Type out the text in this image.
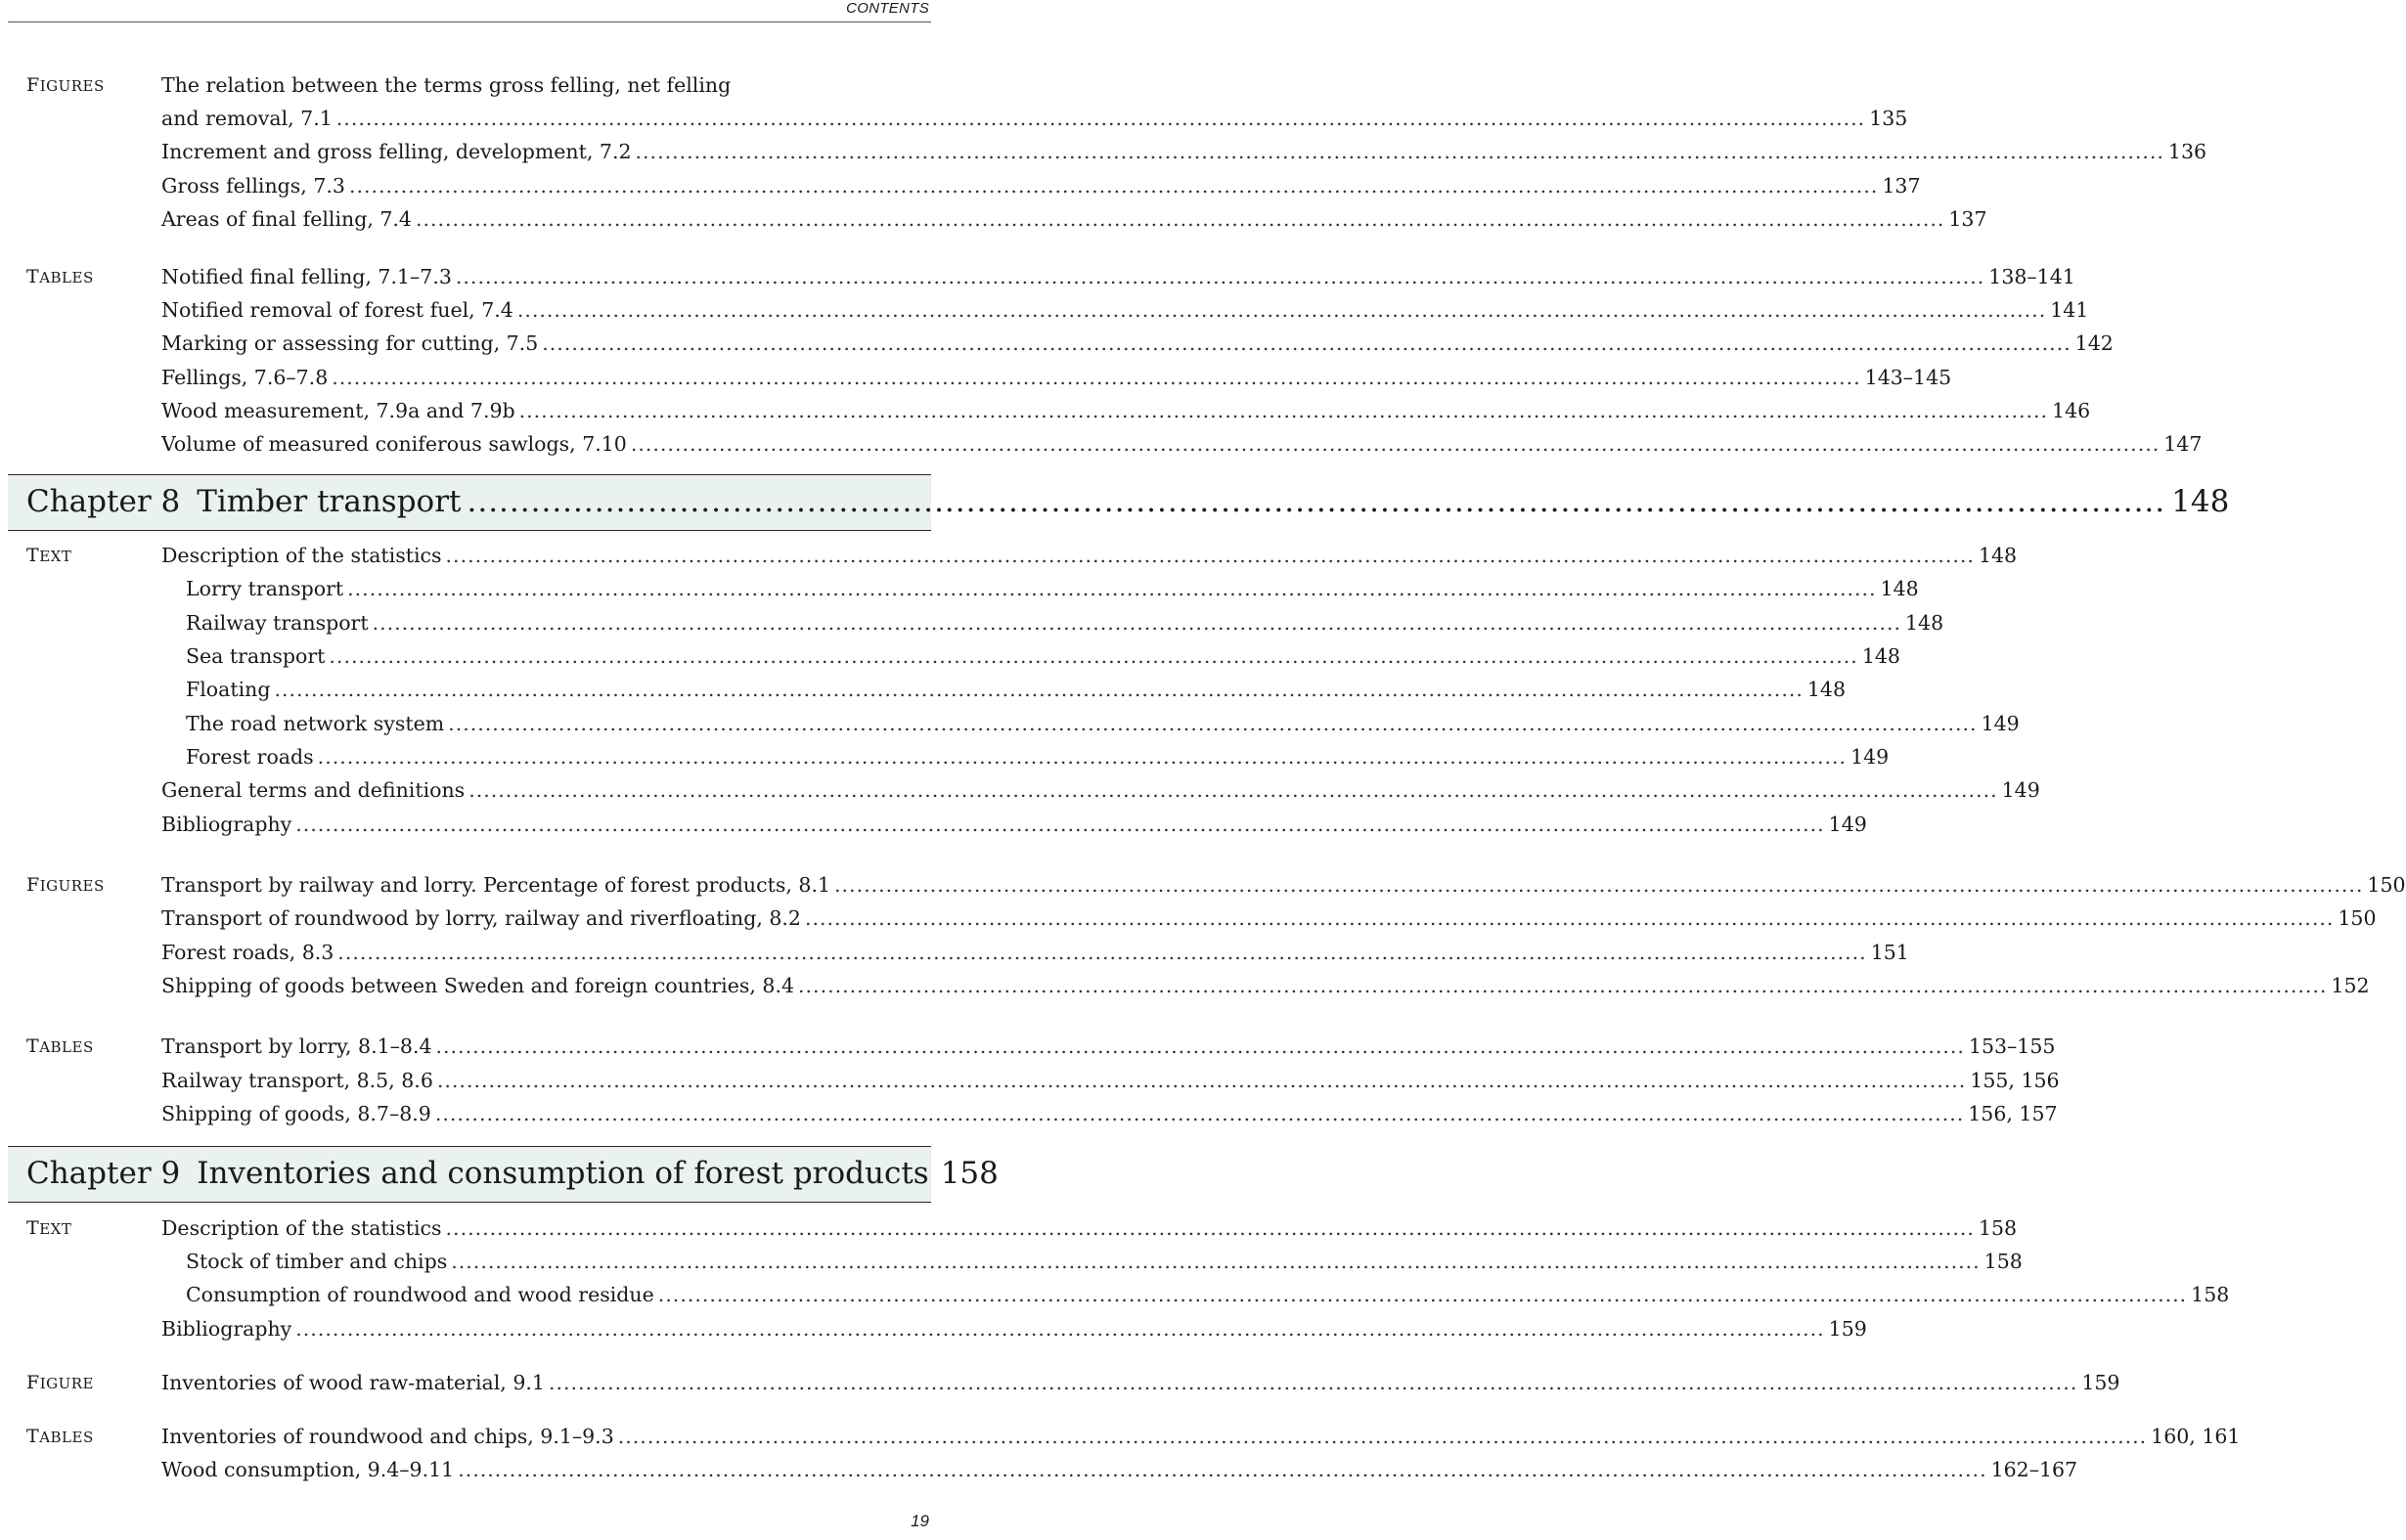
CONTENTS
FIGURES	The relation between the terms gross felling, net felling
and removal, 7.1 .....	135
Increment and gross felling, development, 7.2 .....	136
Gross fellings, 7.3 .....	137
Areas of final felling, 7.4 .....	137
TABLES	Notified final felling, 7.1–7.3 .....	138–141
Notified removal of forest fuel, 7.4 .....	141
Marking or assessing for cutting, 7.5 .....	142
Fellings, 7.6–7.8 .....	143–145
Wood measurement, 7.9a and 7.9b .....	146
Volume of measured coniferous sawlogs, 7.10 .....	147
Chapter 8 Timber transport .....	148
TEXT	Description of the statistics .....	148
Lorry transport .....	148
Railway transport .....	148
Sea transport .....	148
Floating .....	148
The road network system .....	149
Forest roads .....	149
General terms and definitions .....	149
Bibliography .....	149
FIGURES	Transport by railway and lorry. Percentage of forest products, 8.1 .....	150
Transport of roundwood by lorry, railway and riverfloating, 8.2 .....	150
Forest roads, 8.3 .....	151
Shipping of goods between Sweden and foreign countries, 8.4 .....	152
TABLES	Transport by lorry, 8.1–8.4 .....	153–155
Railway transport, 8.5, 8.6 .....	155, 156
Shipping of goods, 8.7–8.9 .....	156, 157
Chapter 9 Inventories and consumption of forest products 158
TEXT	Description of the statistics .....	158
Stock of timber and chips .....	158
Consumption of roundwood and wood residue .....	158
Bibliography .....	159
FIGURE	Inventories of wood raw-material, 9.1 .....	159
TABLES	Inventories of roundwood and chips, 9.1–9.3 .....	160, 161
Wood consumption, 9.4–9.11 .....	162–167
19
